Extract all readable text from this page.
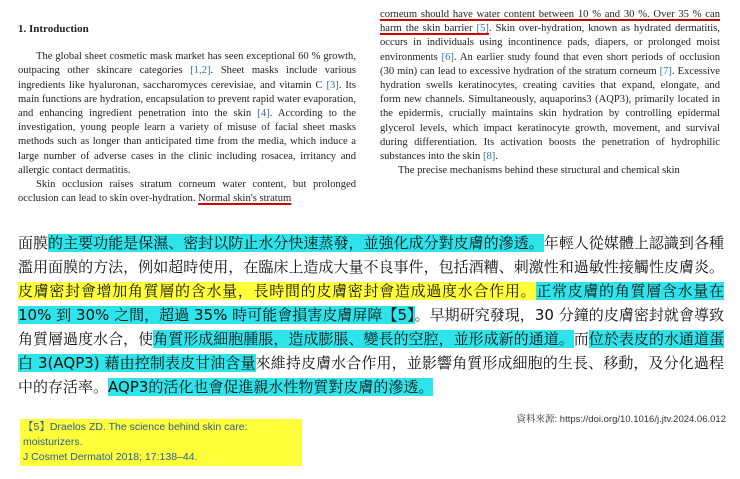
1. Introduction

The global sheet cosmetic mask market has seen exceptional 60 % growth, outpacing other skincare categories [1,2]. Sheet masks include various ingredients like hyaluronan, saccharomyces cerevisiae, and vitamin C [3]. Its main functions are hydration, encapsulation to prevent rapid water evaporation, and enhancing ingredient penetration into the skin [4]. According to the investigation, young people learn a variety of misuse of facial sheet masks methods such as longer than anticipated time from the media, which induce a large number of adverse cases in the clinic including rosacea, irritancy and allergic contact dermatitis.

Skin occlusion raises stratum corneum water content, but prolonged occlusion can lead to skin over-hydration. Normal skin's stratum

corneum should have water content between 10 % and 30 %. Over 35 % can harm the skin barrier [5]. Skin over-hydration, known as hydrated dermatitis, occurs in individuals using incontinence pads, diapers, or prolonged moist environments [6]. An earlier study found that even short periods of occlusion (30 min) can lead to excessive hydration of the stratum corneum [7]. Excessive hydration swells keratinocytes, creating cavities that expand, elongate, and form new channels. Simultaneously, aquaporins3 (AQP3), primarily located in the epidermis, crucially maintains skin hydration by controlling epidermal glycerol levels, which impact keratinocyte growth, movement, and survival during differentiation. Its activation boosts the penetration of hydrophilic substances into the skin [8].

The precise mechanisms behind these structural and chemical skin

面膜的主要功能是保濕、密封以防止水分快速蒸發，並強化成分對皮膚的滲透。年輕人從媒體上認識到各種濫用面膜的方法，例如超時使用，在臨床上造成大量不良事件，包括酒糟、刺激性和過敏性接觸性皮膚炎。皮膚密封會增加角質層的含水量，長時間的皮膚密封會造成過度水合作用。正常皮膚的角質層含水量在10% 到 30% 之間，超過 35% 時可能會損害皮膚屏障【5】。早期研究發現，30 分鐘的皮膚密封就會導致角質層過度水合，使角質形成細胞腫脹，造成膨脹、變長的空腔，並形成新的通道。而位於表皮的水通道蛋白 3(AQP3) 藉由控制表皮甘油含量來維持皮膚水合作用，並影響角質形成細胞的生長、移動，及分化過程中的存活率。AQP3的活化也會促進親水性物質對皮膚的滲透。
【5】Draelos ZD. The science behind skin care: moisturizers.
J Cosmet Dermatol 2018; 17:138–44.
資料來源: https://doi.org/10.1016/j.jtv.2024.06.012
